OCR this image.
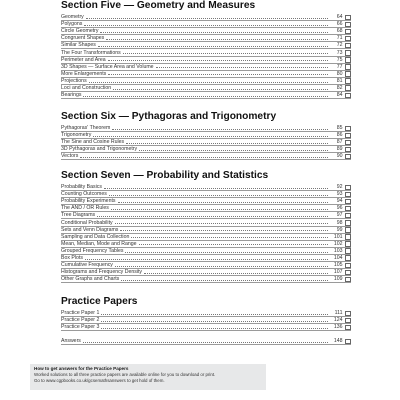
Section Five — Geometry and Measures
Geometry	64
Polygons	66
Circle Geometry	68
Congruent Shapes	71
Similar Shapes	72
The Four Transformations	73
Perimeter and Area	75
3D Shapes — Surface Area and Volume	77
More Enlargements	80
Projections	81
Loci and Construction	82
Bearings	84
Section Six — Pythagoras and Trigonometry
Pythagoras' Theorem	85
Trigonometry	86
The Sine and Cosine Rules	87
3D Pythagoras and Trigonometry	89
Vectors	90
Section Seven — Probability and Statistics
Probability Basics	92
Counting Outcomes	93
Probability Experiments	94
The AND / OR Rules	96
Tree Diagrams	97
Conditional Probability	98
Sets and Venn Diagrams	99
Sampling and Data Collection	101
Mean, Median, Mode and Range	102
Grouped Frequency Tables	103
Box Plots	104
Cumulative Frequency	105
Histograms and Frequency Density	107
Other Graphs and Charts	109
Practice Papers
Practice Paper 1	111
Practice Paper 2	124
Practice Paper 3	136
Answers	148
How to get answers for the Practice Papers
Worked solutions to all three practice papers are available online for you to download or print.
Go to www.cgpbooks.co.uk/gcsemathsanswers to get hold of them.
